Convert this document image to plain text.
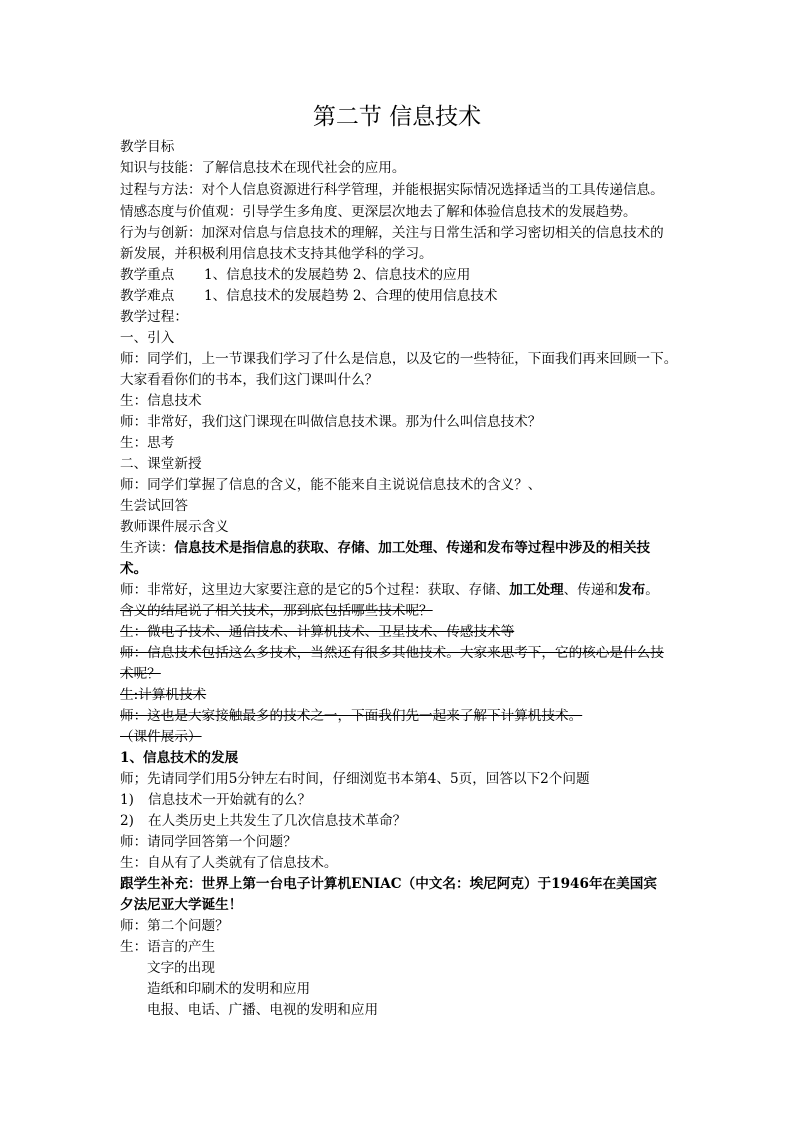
第二节 信息技术
教学目标
知识与技能：了解信息技术在现代社会的应用。
过程与方法：对个人信息资源进行科学管理，并能根据实际情况选择适当的工具传递信息。
情感态度与价值观：引导学生多角度、更深层次地去了解和体验信息技术的发展趋势。
行为与创新：加深对信息与信息技术的理解，关注与日常生活和学习密切相关的信息技术的
新发展，并积极利用信息技术支持其他学科的学习。
教学重点 1、信息技术的发展趋势 2、信息技术的应用
教学难点 1、信息技术的发展趋势 2、合理的使用信息技术
教学过程：
一、引入
师：同学们，上一节课我们学习了什么是信息，以及它的一些特征，下面我们再来回顾一下。
大家看看你们的书本，我们这门课叫什么？
生：信息技术
师：非常好，我们这门课现在叫做信息技术课。那为什么叫信息技术？
生：思考
二、课堂新授
师：同学们掌握了信息的含义，能不能来自主说说信息技术的含义？、
生尝试回答
教师课件展示含义
生齐读：信息技术是指信息的获取、存储、加工处理、传递和发布等过程中涉及的相关技
术。
师：非常好，这里边大家要注意的是它的5个过程：获取、存储、加工处理、传递和发布。
含义的结尾说了相关技术，那到底包括哪些技术呢？
生：微电子技术、通信技术、计算机技术、卫星技术、传感技术等
师：信息技术包括这么多技术，当然还有很多其他技术。大家来思考下，它的核心是什么技
术呢？
生:计算机技术
师：这也是大家接触最多的技术之一，下面我们先一起来了解下计算机技术。
（课件展示）
1、信息技术的发展
师；先请同学们用5分钟左右时间，仔细浏览书本第4、5页，回答以下2个问题
1) 信息技术一开始就有的么？
2) 在人类历史上共发生了几次信息技术革命？
师：请同学回答第一个问题？
生：自从有了人类就有了信息技术。
跟学生补充：世界上第一台电子计算机ENIAC（中文名：埃尼阿克）于1946年在美国宾
夕法尼亚大学诞生！
师：第二个问题？
生：语言的产生
文字的出现
造纸和印刷术的发明和应用
电报、电话、广播、电视的发明和应用
